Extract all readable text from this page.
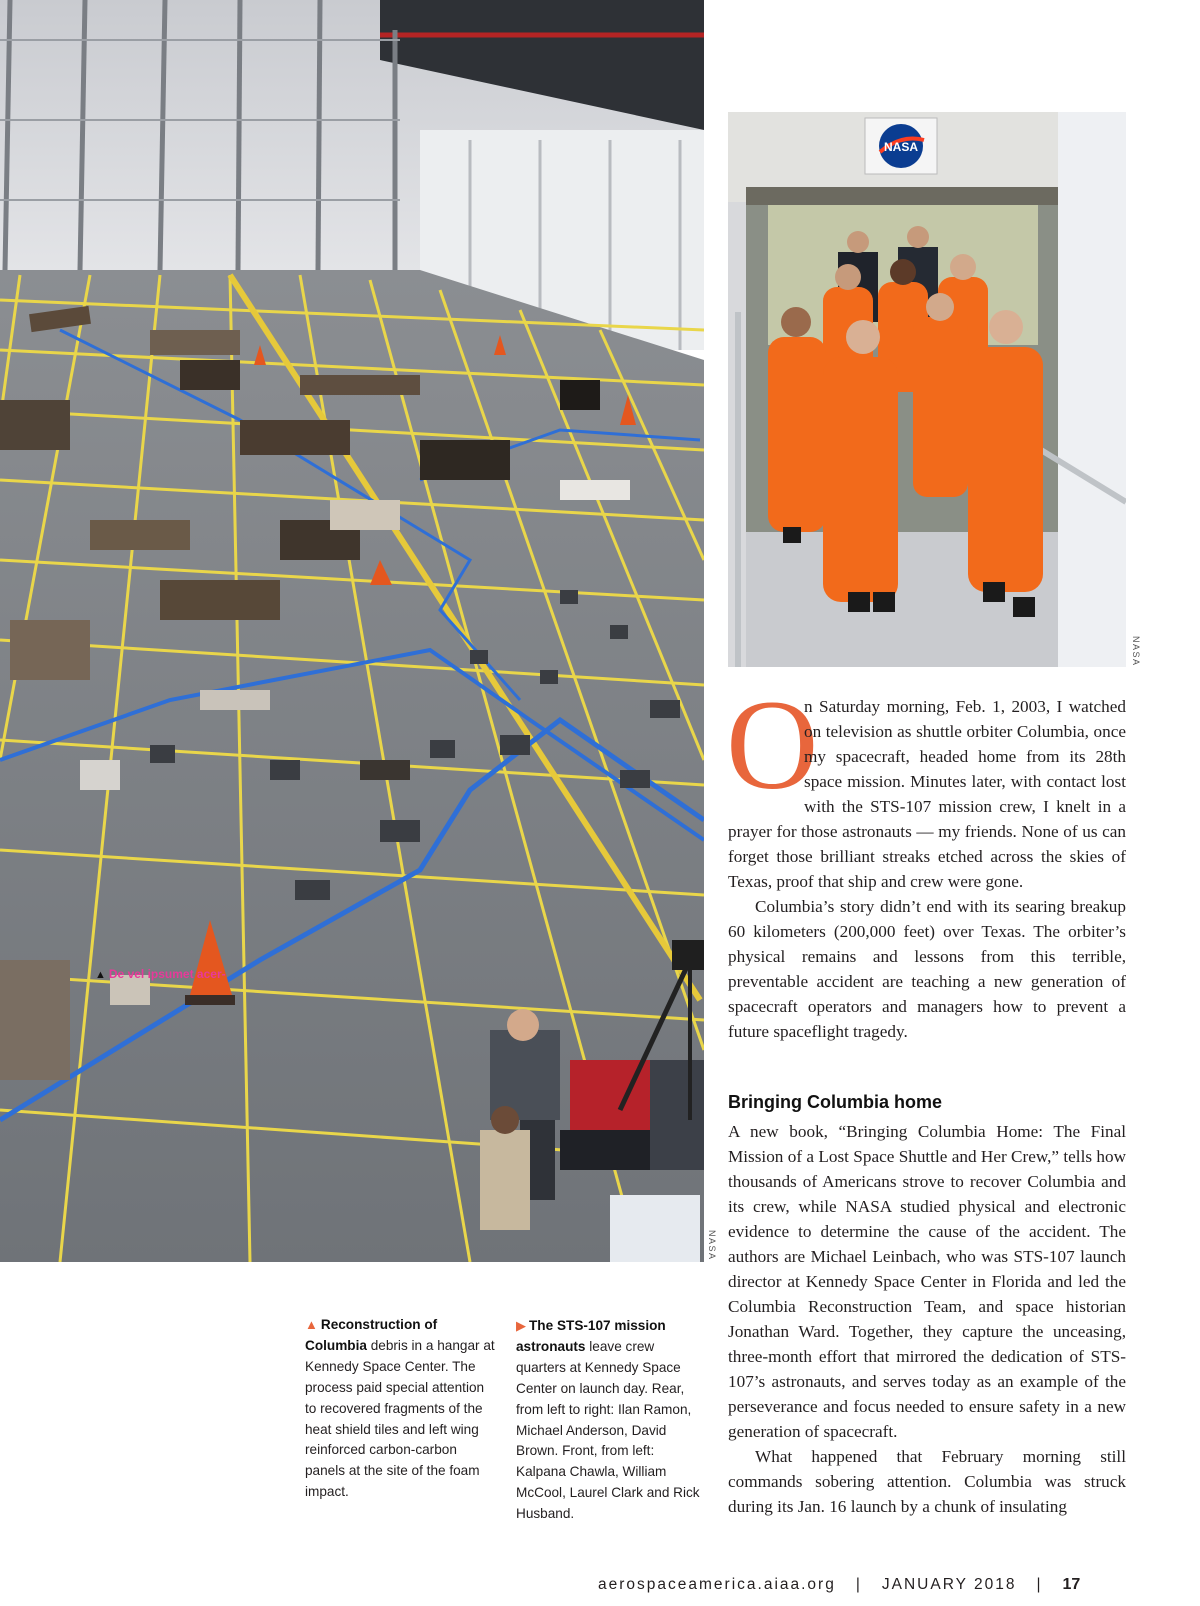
NASA
▲ De vel ipsumet acer-
NASA
NASA
O

n Saturday morning, Feb. 1, 2003, I watched on television as shuttle orbiter Columbia, once my spacecraft, headed home from its 28th space mission. Minutes later, with contact lost with the STS-107 mission crew, I knelt in a prayer for those astronauts — my friends. None of us can forget those brilliant streaks etched across the skies of Texas, proof that ship and crew were gone.

Columbia’s story didn’t end with its searing breakup 60 kilometers (200,000 feet) over Texas. The orbiter’s physical remains and lessons from this terrible, preventable accident are teaching a new generation of spacecraft operators and managers how to prevent a future spaceflight tragedy.

Bringing Columbia home

A new book, “Bringing Columbia Home: The Final Mission of a Lost Space Shuttle and Her Crew,” tells how thousands of Americans strove to recover Columbia and its crew, while NASA studied physical and electronic evidence to determine the cause of the accident. The authors are Michael Leinbach, who was STS-107 launch director at Kennedy Space Center in Florida and led the Columbia Reconstruction Team, and space historian Jonathan Ward. Together, they capture the unceasing, three-month effort that mirrored the dedication of STS-107’s astronauts, and serves today as an example of the perseverance and focus needed to ensure safety in a new generation of spacecraft.

What happened that February morning still commands sobering attention. Columbia was struck during its Jan. 16 launch by a chunk of insulating

▲ Reconstruction of Columbia debris in a hangar at Kennedy Space Center. The process paid special attention to recovered fragments of the heat shield tiles and left wing reinforced carbon-carbon panels at the site of the foam impact.
▶ The STS-107 mission astronauts leave crew quarters at Kennedy Space Center on launch day. Rear, from left to right: Ilan Ramon, Michael Anderson, David Brown. Front, from left: Kalpana Chawla, William McCool, Laurel Clark and Rick Husband.
aerospaceamerica.aiaa.org | JANUARY 2018 | 17
